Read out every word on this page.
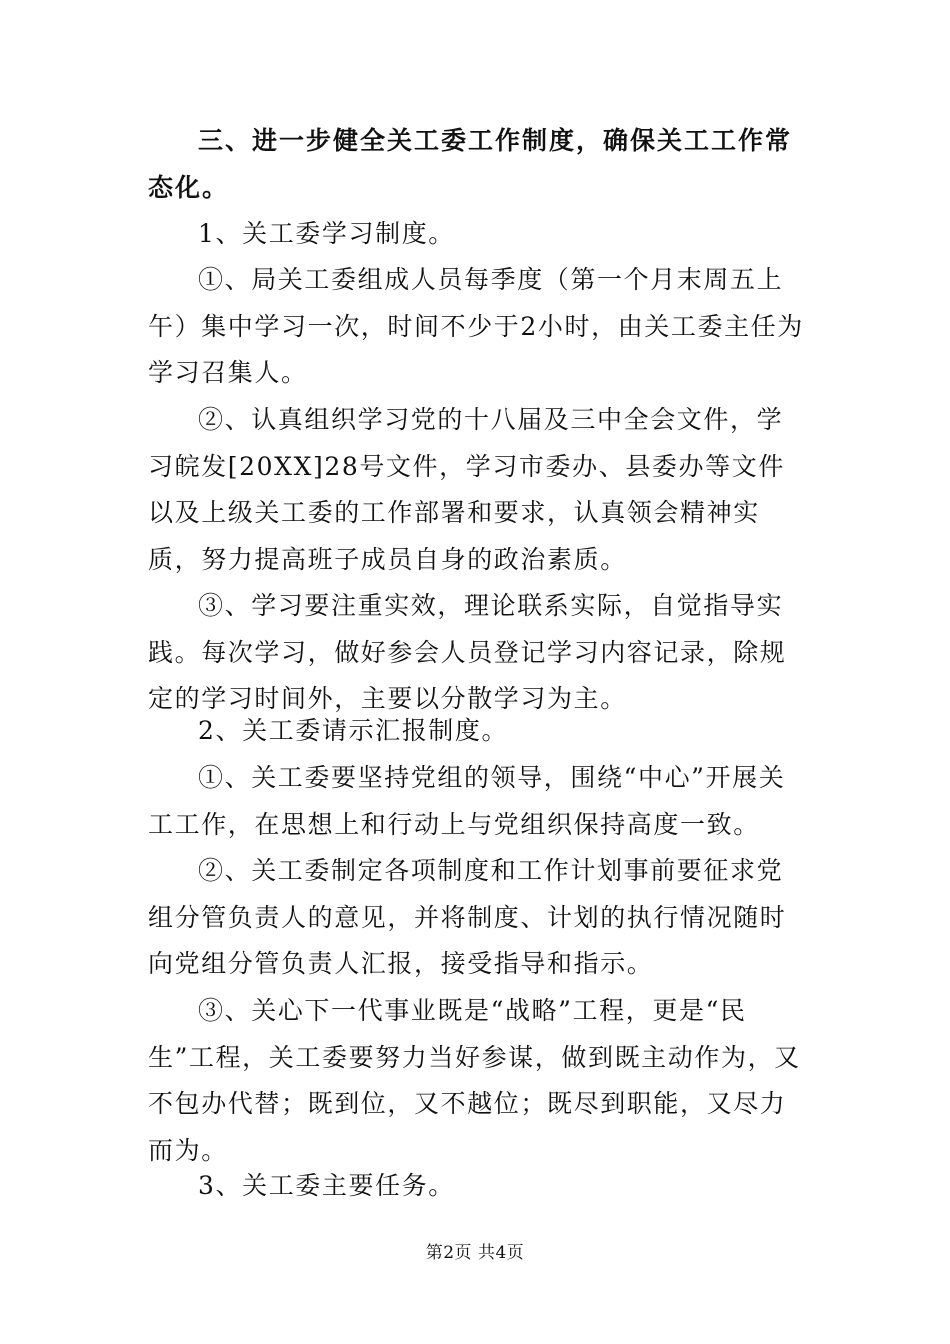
三、进一步健全关工委工作制度，确保关工工作常态化。

1、关工委学习制度。

①、局关工委组成人员每季度（第一个月末周五上午）集中学习一次，时间不少于2小时，由关工委主任为学习召集人。

②、认真组织学习党的十八届及三中全会文件，学习皖发[20XX]28号文件，学习市委办、县委办等文件以及上级关工委的工作部署和要求，认真领会精神实质，努力提高班子成员自身的政治素质。

③、学习要注重实效，理论联系实际，自觉指导实践。每次学习，做好参会人员登记学习内容记录，除规定的学习时间外，主要以分散学习为主。

2、关工委请示汇报制度。

①、关工委要坚持党组的领导，围绕“中心”开展关工工作，在思想上和行动上与党组织保持高度一致。

②、关工委制定各项制度和工作计划事前要征求党组分管负责人的意见，并将制度、计划的执行情况随时向党组分管负责人汇报，接受指导和指示。

③、关心下一代事业既是“战略”工程，更是“民生”工程，关工委要努力当好参谋，做到既主动作为，又不包办代替；既到位，又不越位；既尽到职能，又尽力而为。

3、关工委主要任务。

第2页 共4页
